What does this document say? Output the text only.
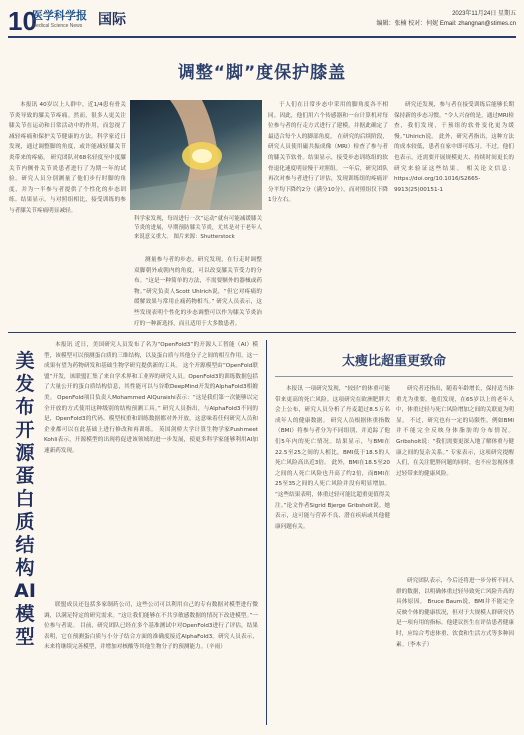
10
医学科学报
Medical Science News 国际	2023年11月24日 星期五
编辑：张楠 校对：何妮 Email: zhangnan@stimes.cn
调整“脚”度保护膝盖

本报讯 40岁以上人群中，近1/4患有骨关节炎导致的膝关节疼痛。然而，很多人更关注膝关节在运动和日常活动中的作用，而忽视了减轻疼痛和保护关节健康的方法。科学家近日发现，通过调整脚的角度，或许能减轻膝关节炎带来的疼痛。 研究团队对68名轻度至中度膝关节内侧骨关节炎患者进行了为期一年的试验。研究人员分别测量了他们步行时脚的角度，并为一半参与者提供了个性化的步态训练。结果显示，与对照组相比，接受训练的参与者膝关节疼痛明显减轻。

科学家发现，每周进行一次“运动”就有可能减缓膝关节炎的进展，早期预防膝关节炎，尤其是对于老年人来说意义重大。 图片来源：Shutterstock

测量参与者的步态。研究发现，在行走时调整双脚朝外或朝内的角度，可以改变膝关节受力的分布。“这是一种简单的方法，不需要额外的器械或药物。”研究负责人Scott Uhlrich说，“但它对疼痛的缓解效果与常用止痛药物相当。” 研究人员表示，这些发现表明个性化的步态调整可以作为膝关节炎治疗的一种新选择，而且适用于大多数患者。

于人们在日常步态中采用的脚角度各不相同。因此，他们用六个传感器和一台计算机对每位参与者的行走方式进行了建模，并据此确定了最适合每个人的脚部角度。 在研究的后续阶段，研究人员使用磁共振成像（MRI）检查了参与者的膝关节软骨。结果显示，接受步态训练组的软骨退化速度明显慢于对照组。 一年后，研究团队再次对参与者进行了评估，发现训练组的疼痛评分平均下降约2分（满分10分），而对照组仅下降1分左右。

研究还发现，参与者在接受训练后能够长期保持新的步态习惯。“令人兴奋的是，通过MRI检查，我们发现，干预组的软骨变化更为缓慢。”Uhlrich说。 此外，研究者指出，这种方法的成本较低，患者在家中即可练习。不过，他们也表示，还需要开展规模更大、持续时间更长的研究来验证这些结果。 相关论文信息：https://doi.org/10.1016/S2665-9913(25)00151-1

美发布开源蛋白质结构AI模型

本报讯 近日，美国研究人员发布了名为“OpenFold3”的开源人工智能（AI）模型，该模型可以预测蛋白质的三维结构，以及蛋白质与其他分子之间的相互作用。这一成果有望为药物研发和基础生物学研究提供新的工具。 这个开源模型由“OpenFold联盟”开发，该联盟汇集了来自学术界和工业界的研究人员。OpenFold3的训练数据包括了大量公开的蛋白质结构信息，其性能可以与谷歌DeepMind开发的AlphaFold3相媲美。 OpenFold项目负责人Mohammed AlQuraishi表示：“这是我们第一次能够以完全开放的方式使用这种级别的结构预测工具。” 研究人员指出，与AlphaFold3不同的是，OpenFold3的代码、模型权重和训练数据都对外开放，这意味着任何研究人员和企业都可以在此基础上进行修改和再训练。 英国剑桥大学计算生物学家Pushmeet Kohli表示，开源模型的出现将促进该领域的进一步发展，使更多科学家能够利用AI加速新药发现。

联盟成员还包括多家制药公司，这些公司可以利用自己的专有数据对模型进行微调，以满足特定的研究需求。“这让我们能够在不共享敏感数据的情况下改进模型。”一位参与者说。 目前，研究团队已经在多个基准测试中对OpenFold3进行了评估，结果表明，它在预测蛋白质与小分子结合方面的准确度接近AlphaFold3。研究人员表示，未来将继续完善模型，并增加对核酸等其他生物分子的预测能力。（辛雨）

太瘦比超重更致命

本报讯 一项研究发现，“较轻”的体重可能带来更高的死亡风险。这项研究在欧洲肥胖大会上公布，研究人员分析了丹麦超过8.5万名成年人的健康数据。 研究人员根据体重指数（BMI）将参与者分为不同组别，并追踪了他们5年内的死亡情况。结果显示，与BMI在22.5至25之间的人相比，BMI低于18.5的人死亡风险高出近3倍。 此外，BMI在18.5至20之间的人死亡风险也升高了约2倍，而BMI在25至35之间的人死亡风险并没有明显增加。 “这些结果表明，体重过轻可能比超重更值得关注。”论文作者Sigrid Bjerge Gribsholt说。她表示，这可能与营养不良、潜在疾病或其他健康问题有关。

研究者还指出，随着年龄增长，保持适当体重尤为重要。他们发现，在65岁以上的老年人中，体重过轻与死亡风险增加之间的关联更为明显。 不过，研究也有一定的局限性，例如BMI并不能完全反映身体脂肪的分布情况。Gribsholt说：“我们需要更深入地了解体重与健康之间的复杂关系。” 专家表示，这项研究提醒人们，在关注肥胖问题的同时，也不应忽视体重过轻带来的健康风险。

研究团队表示，今后还将进一步分析不同人群的数据，以明确体重过轻导致死亡风险升高的具体原因。 Bruce Baum说，BMI并不能完全反映个体的健康状况，但对于大规模人群研究仍是一项有用的指标。他建议医生在评估患者健康时，应综合考虑体重、饮食和生活方式等多种因素。（李木子）
